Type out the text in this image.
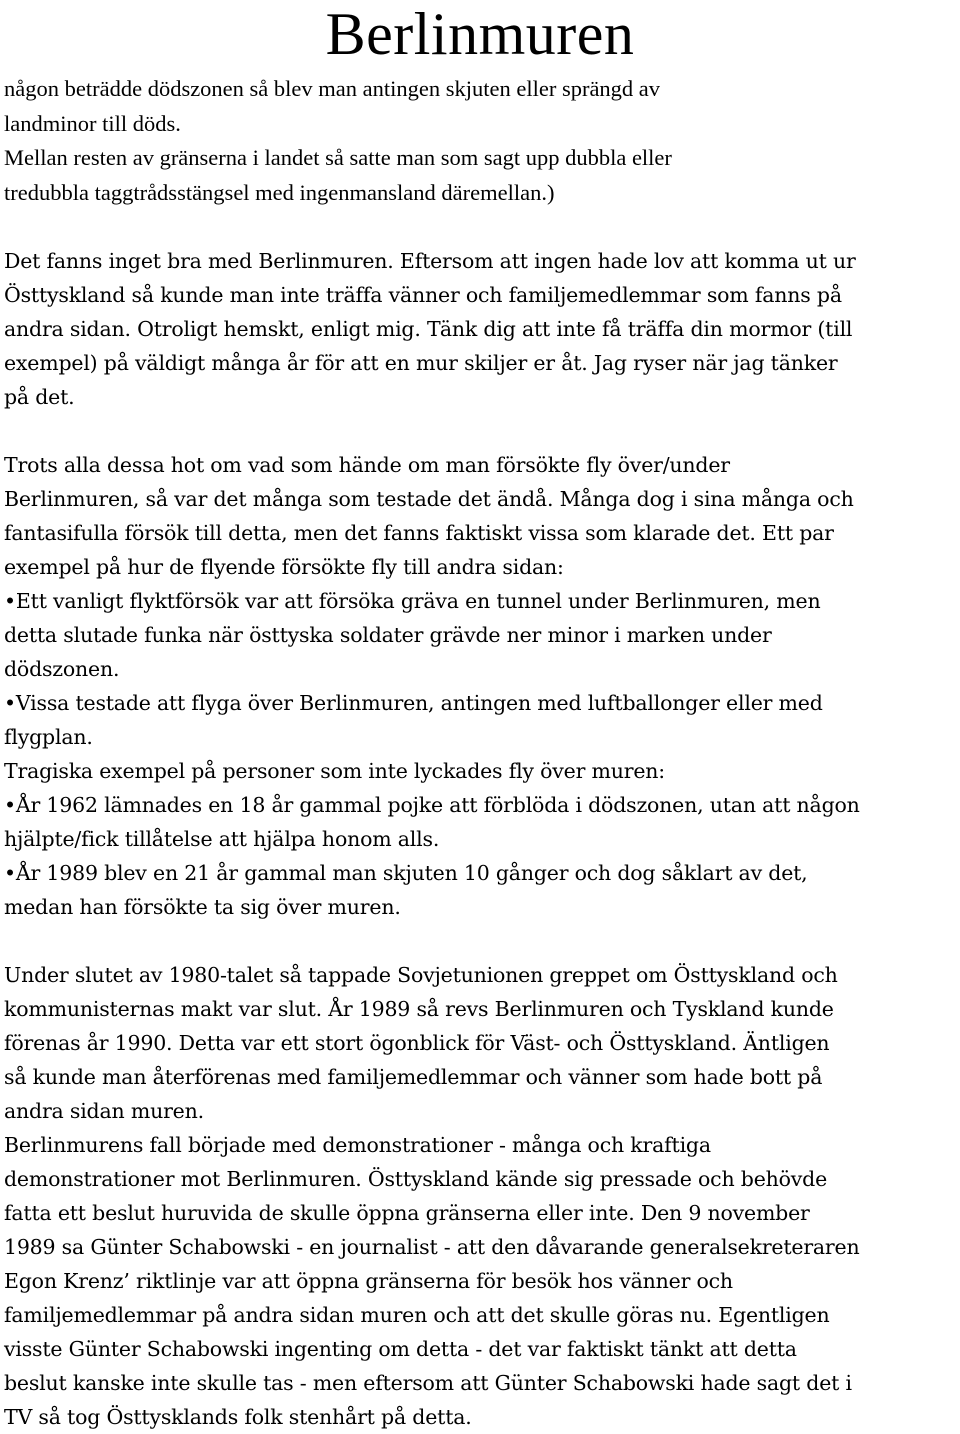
Berlinmuren

någon beträdde dödszonen så blev man antingen skjuten eller sprängd av
landminor till döds.
Mellan resten av gränserna i landet så satte man som sagt upp dubbla eller
tredubbla taggtrådsstängsel med ingenmansland däremellan.)

Det fanns inget bra med Berlinmuren. Eftersom att ingen hade lov att komma ut ur
Östtyskland så kunde man inte träffa vänner och familjemedlemmar som fanns på
andra sidan. Otroligt hemskt, enligt mig. Tänk dig att inte få träffa din mormor (till
exempel) på väldigt många år för att en mur skiljer er åt. Jag ryser när jag tänker
på det.

Trots alla dessa hot om vad som hände om man försökte fly över/under
Berlinmuren, så var det många som testade det ändå. Många dog i sina många och
fantasifulla försök till detta, men det fanns faktiskt vissa som klarade det. Ett par
exempel på hur de flyende försökte fly till andra sidan:
•Ett vanligt flyktförsök var att försöka gräva en tunnel under Berlinmuren, men
detta slutade funka när östtyska soldater grävde ner minor i marken under
dödszonen.
•Vissa testade att flyga över Berlinmuren, antingen med luftballonger eller med
flygplan.
Tragiska exempel på personer som inte lyckades fly över muren:
•År 1962 lämnades en 18 år gammal pojke att förblöda i dödszonen, utan att någon
hjälpte/fick tillåtelse att hjälpa honom alls.
•År 1989 blev en 21 år gammal man skjuten 10 gånger och dog såklart av det,
medan han försökte ta sig över muren.

Under slutet av 1980-talet så tappade Sovjetunionen greppet om Östtyskland och
kommunisternas makt var slut. År 1989 så revs Berlinmuren och Tyskland kunde
förenas år 1990. Detta var ett stort ögonblick för Väst- och Östtyskland. Äntligen
så kunde man återförenas med familjemedlemmar och vänner som hade bott på
andra sidan muren.
Berlinmurens fall började med demonstrationer - många och kraftiga
demonstrationer mot Berlinmuren. Östtyskland kände sig pressade och behövde
fatta ett beslut huruvida de skulle öppna gränserna eller inte. Den 9 november
1989 sa Günter Schabowski - en journalist - att den dåvarande generalsekreteraren
Egon Krenz’ riktlinje var att öppna gränserna för besök hos vänner och
familjemedlemmar på andra sidan muren och att det skulle göras nu. Egentligen
visste Günter Schabowski ingenting om detta - det var faktiskt tänkt att detta
beslut kanske inte skulle tas - men eftersom att Günter Schabowski hade sagt det i
TV så tog Östtysklands folk stenhårt på detta.
